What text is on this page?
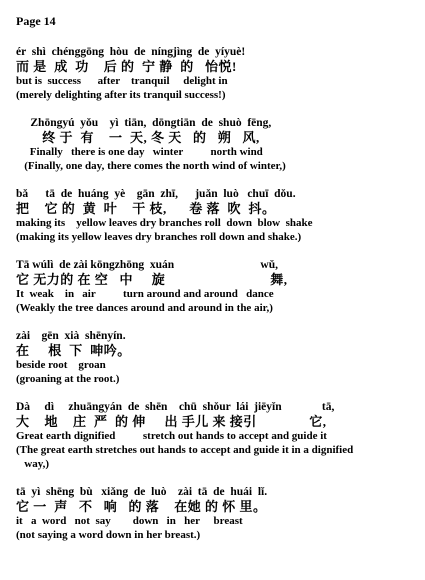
Page 14
ér  shì  chénggōng  hòu  de  níngjìng  de  yíyuè!
而 是  成  功    后 的  宁 静  的   怡悦!
but is  success      after    tranquil     delight in
(merely delighting after its tranquil success!)
Zhōngyú  yǒu    yì  tiān,  dōngtiān  de  shuò  fēng,
终 于  有    一  天, 冬 天   的   朔   风,
Finally   there is one day   winter          north wind
(Finally, one day, there comes the north wind of winter,)
bǎ      tā  de  huáng  yè    gān  zhī,      juǎn  luò   chuī  dǒu.
把    它 的  黄  叶    干 枝,      卷 落  吹  抖。
making its    yellow leaves dry branches roll  down  blow  shake
(making its yellow leaves dry branches roll down and shake.)
Tā wúlì  de zài kōngzhōng  xuán                              wǔ,
它 无力的 在 空   中     旋                            舞,
It  weak    in   air          turn around and around   dance
(Weakly the tree dances around and around in the air,)
zài    gēn  xià  shēnyín.
在     根  下  呻吟。
beside root    groan
(groaning at the root.)
Dà     dì     zhuāngyán  de  shēn    chū  shǒur  lái  jiēyǐn              tā,
大    地    庄  严  的 伸     出 手儿 来 接引              它,
Great earth dignified          stretch out hands to accept and guide it
(The great earth stretches out hands to accept and guide it in a dignified
way,)
tā  yì  shēng  bù   xiǎng  de  luò    zài  tā  de  huái  lǐ.
它 一  声   不   响   的 落    在她 的 怀 里。
it   a  word   not  say        down   in   her     breast
(not saying a word down in her breast.)
